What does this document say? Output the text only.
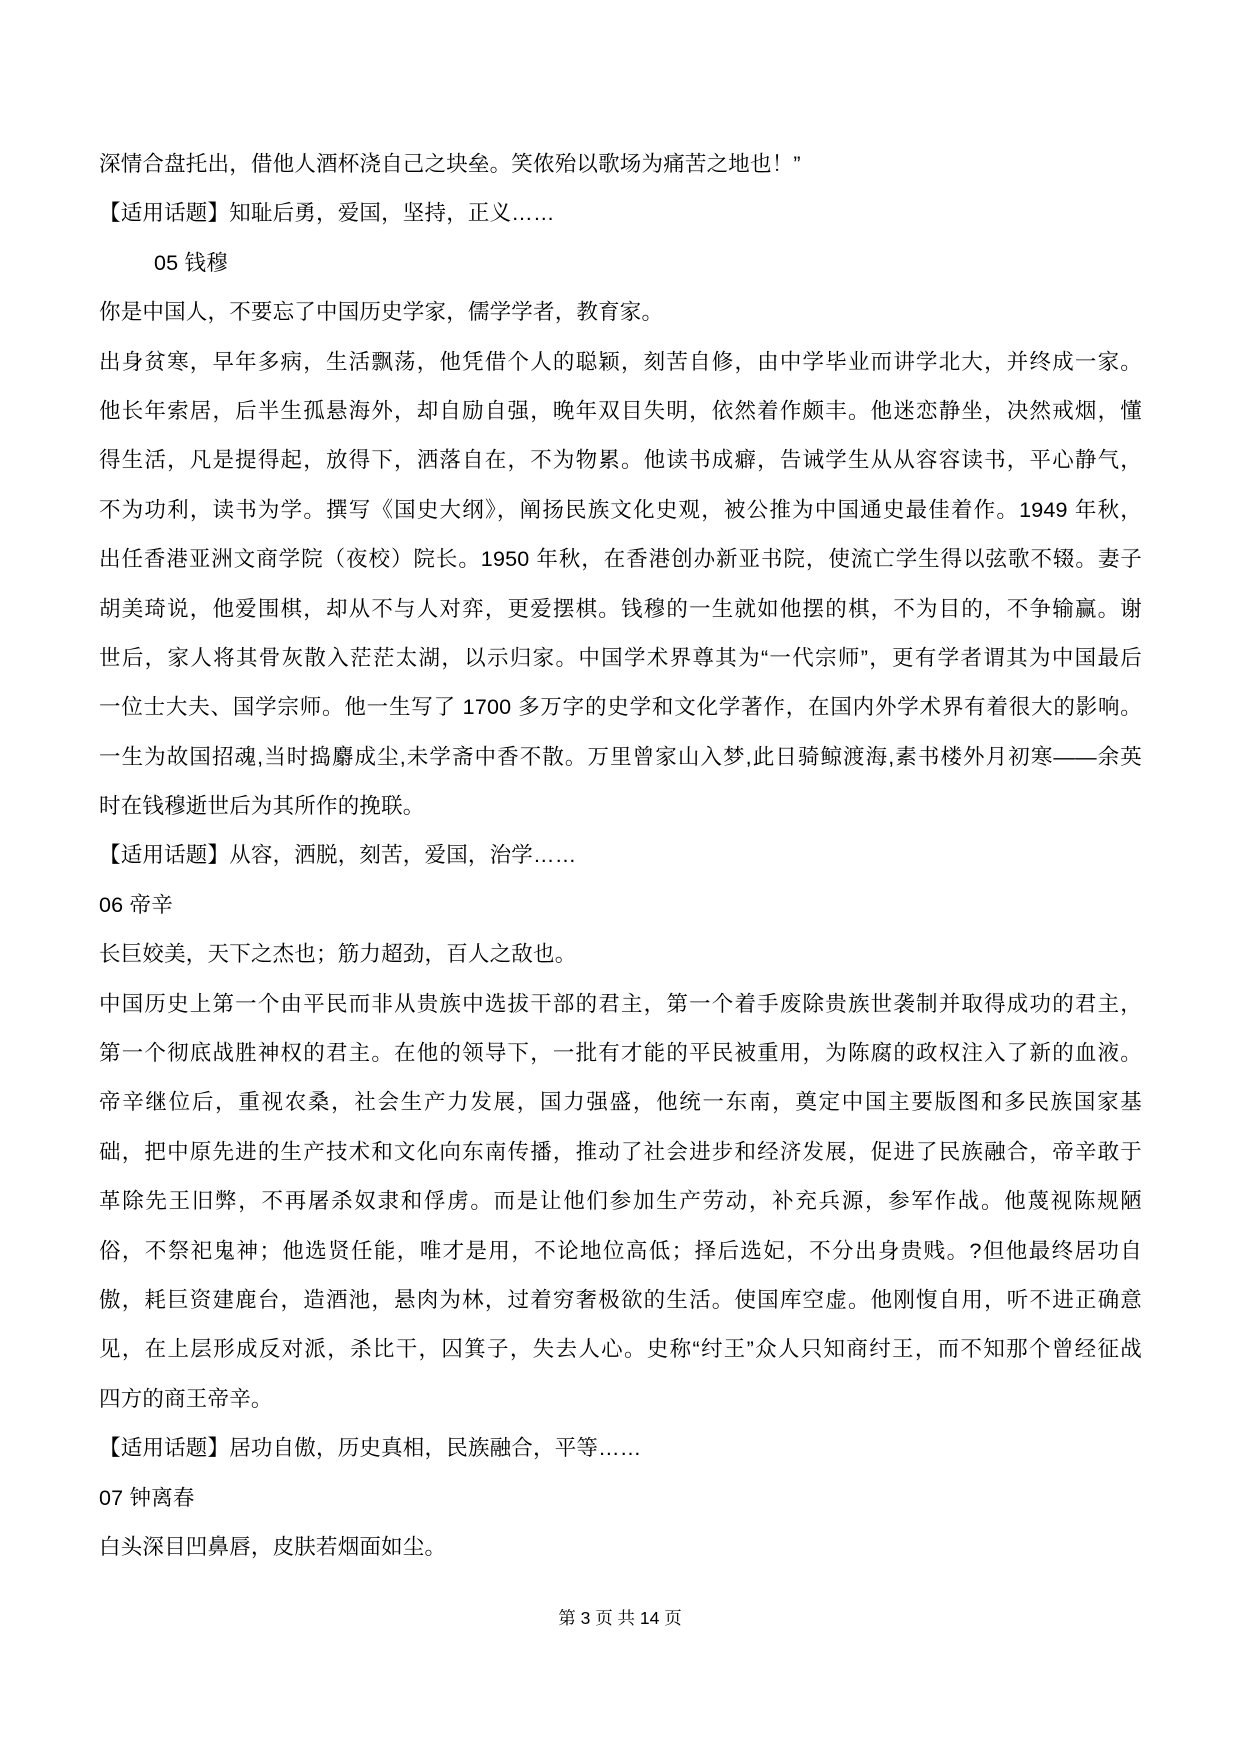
深情合盘托出，借他人酒杯浇自己之块垒。笑侬殆以歌场为痛苦之地也！”
【适用话题】知耻后勇，爱国，坚持，正义……
05 钱穆
你是中国人，不要忘了中国历史学家，儒学学者，教育家。
出身贫寒，早年多病，生活飘荡，他凭借个人的聪颖，刻苦自修，由中学毕业而讲学北大，并终成一家。
他长年索居，后半生孤悬海外，却自励自强，晚年双目失明，依然着作颇丰。他迷恋静坐，决然戒烟，懂
得生活，凡是提得起，放得下，洒落自在，不为物累。他读书成癖，告诫学生从从容容读书，平心静气，
不为功利，读书为学。撰写《国史大纲》，阐扬民族文化史观，被公推为中国通史最佳着作。1949 年秋，
出任香港亚洲文商学院（夜校）院长。1950 年秋，在香港创办新亚书院，使流亡学生得以弦歌不辍。妻子
胡美琦说，他爱围棋，却从不与人对弈，更爱摆棋。钱穆的一生就如他摆的棋，不为目的，不争输赢。谢
世后，家人将其骨灰散入茫茫太湖，以示归家。中国学术界尊其为“一代宗师”，更有学者谓其为中国最后
一位士大夫、国学宗师。他一生写了 1700 多万字的史学和文化学著作，在国内外学术界有着很大的影响。
一生为故国招魂,当时捣麝成尘,未学斋中香不散。万里曾家山入梦,此日骑鲸渡海,素书楼外月初寒——余英
时在钱穆逝世后为其所作的挽联。
【适用话题】从容，洒脱，刻苦，爱国，治学……
06 帝辛
长巨姣美，天下之杰也；筋力超劲，百人之敌也。
中国历史上第一个由平民而非从贵族中选拔干部的君主，第一个着手废除贵族世袭制并取得成功的君主，
第一个彻底战胜神权的君主。在他的领导下，一批有才能的平民被重用，为陈腐的政权注入了新的血液。
帝辛继位后，重视农桑，社会生产力发展，国力强盛，他统一东南，奠定中国主要版图和多民族国家基
础，把中原先进的生产技术和文化向东南传播，推动了社会进步和经济发展，促进了民族融合，帝辛敢于
革除先王旧弊，不再屠杀奴隶和俘虏。而是让他们参加生产劳动，补充兵源，参军作战。他蔑视陈规陋
俗，不祭祀鬼神；他选贤任能，唯才是用，不论地位高低；择后选妃，不分出身贵贱。?但他最终居功自
傲，耗巨资建鹿台，造酒池，悬肉为林，过着穷奢极欲的生活。使国库空虚。他刚愎自用，听不进正确意
见，在上层形成反对派，杀比干，囚箕子，失去人心。史称“纣王”众人只知商纣王，而不知那个曾经征战
四方的商王帝辛。
【适用话题】居功自傲，历史真相，民族融合，平等……
07 钟离春
白头深目凹鼻唇，皮肤若烟面如尘。
第 3 页 共 14 页
